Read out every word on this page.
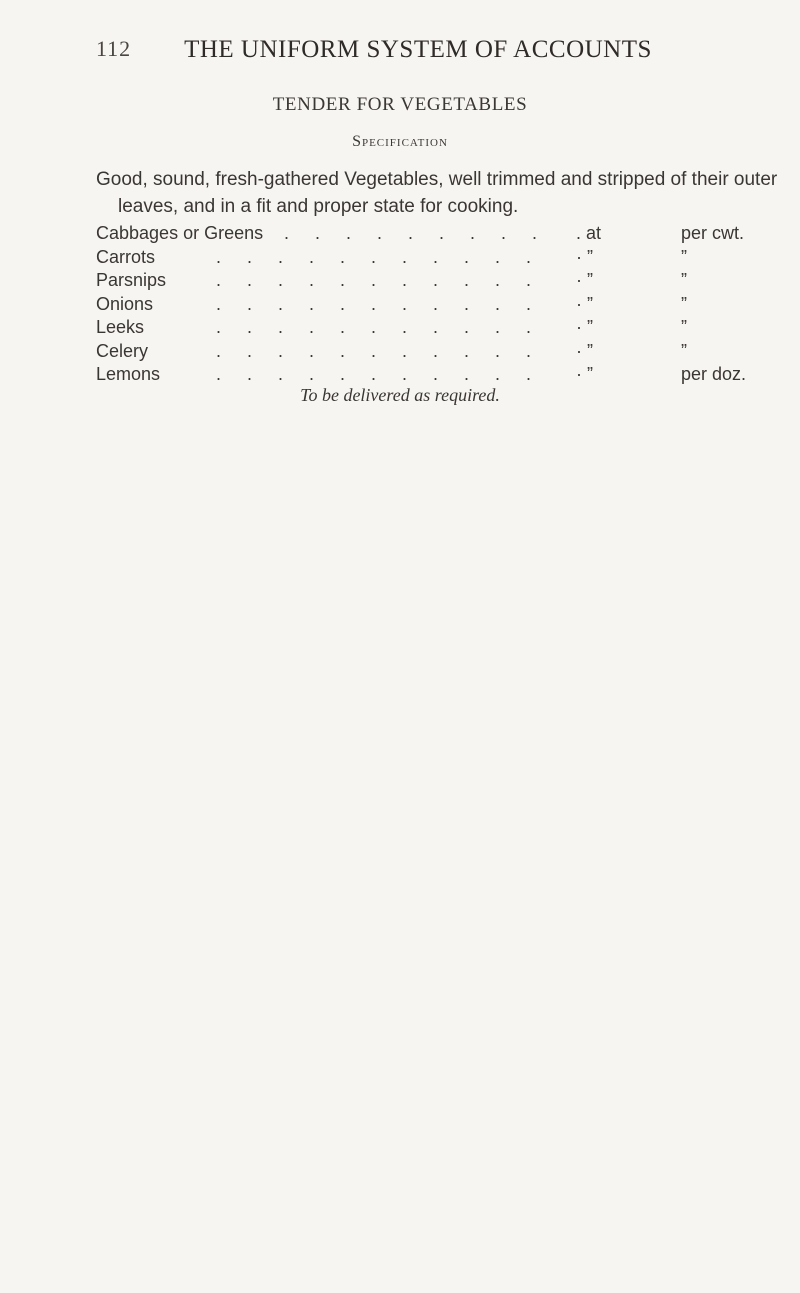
112	THE UNIFORM SYSTEM OF ACCOUNTS
TENDER FOR VEGETABLES
Specification
Good, sound, fresh-gathered Vegetables, well trimmed and stripped of their outer
leaves, and in a fit and proper state for cooking.
Cabbages or Greens . . . . . . . . .	. at	per cwt.
Carrots	. . . . . . . . . . .	· ”	”
Parsnips	. . . . . . . . . . .	· ”	”
Onions	. . . . . . . . . . .	· ”	”
Leeks	. . . . . . . . . . .	· ”	”
Celery	. . . . . . . . . . .	· ”	”
Lemons	. . . . . . . . . . .	· ”	per doz.
To be delivered as required.
